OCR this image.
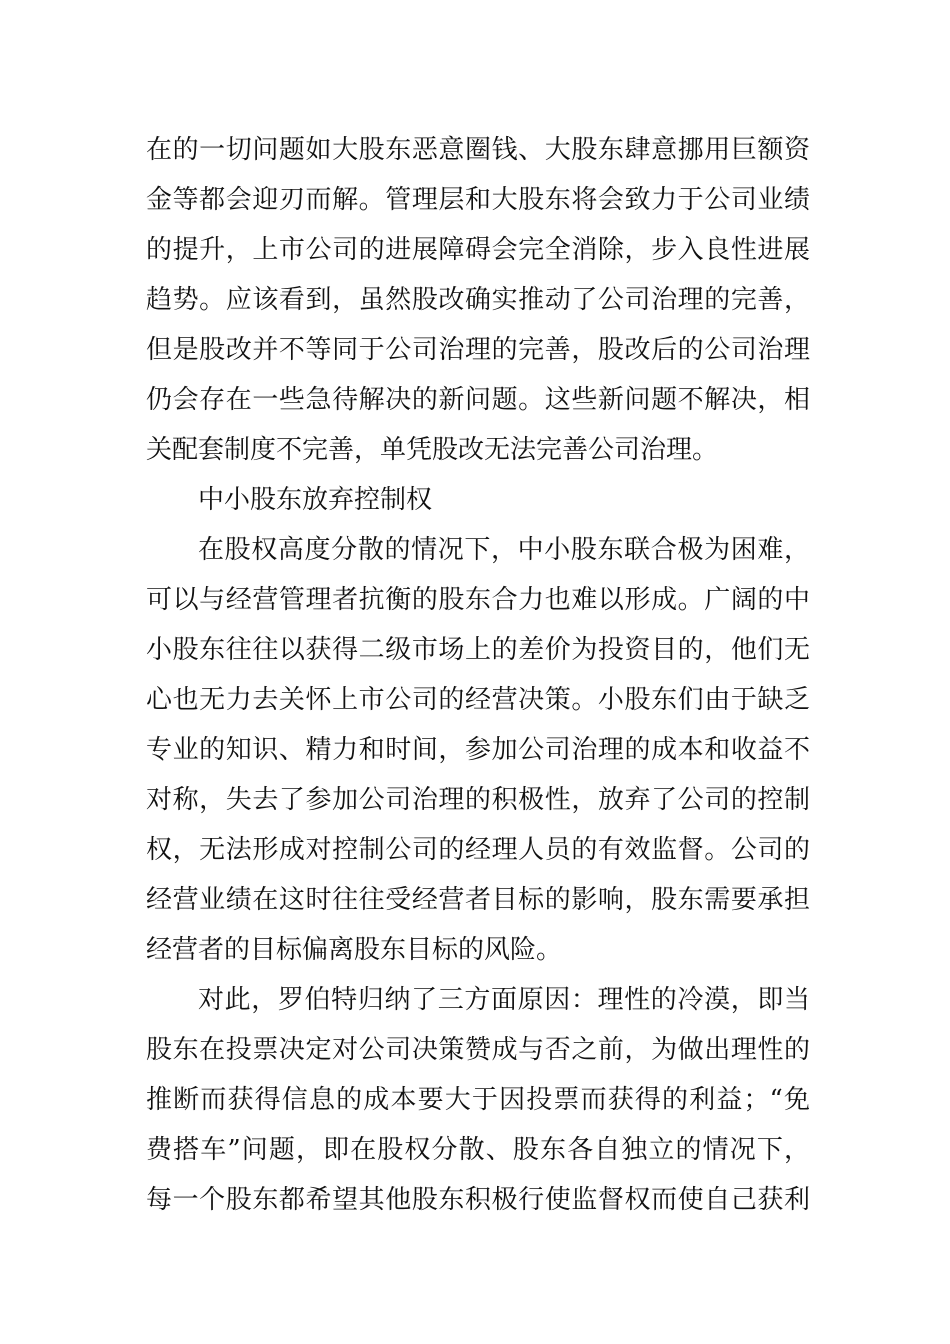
在的一切问题如大股东恶意圈钱、大股东肆意挪用巨额资
金等都会迎刃而解。管理层和大股东将会致力于公司业绩
的提升，上市公司的进展障碍会完全消除，步入良性进展
趋势。应该看到，虽然股改确实推动了公司治理的完善，
但是股改并不等同于公司治理的完善，股改后的公司治理
仍会存在一些急待解决的新问题。这些新问题不解决，相
关配套制度不完善，单凭股改无法完善公司治理。
中小股东放弃控制权
在股权高度分散的情况下，中小股东联合极为困难，
可以与经营管理者抗衡的股东合力也难以形成。广阔的中
小股东往往以获得二级市场上的差价为投资目的，他们无
心也无力去关怀上市公司的经营决策。小股东们由于缺乏
专业的知识、精力和时间，参加公司治理的成本和收益不
对称，失去了参加公司治理的积极性，放弃了公司的控制
权，无法形成对控制公司的经理人员的有效监督。公司的
经营业绩在这时往往受经营者目标的影响，股东需要承担
经营者的目标偏离股东目标的风险。
对此，罗伯特归纳了三方面原因：理性的冷漠，即当
股东在投票决定对公司决策赞成与否之前，为做出理性的
推断而获得信息的成本要大于因投票而获得的利益；“免
费搭车”问题，即在股权分散、股东各自独立的情况下，
每一个股东都希望其他股东积极行使监督权而使自己获利
